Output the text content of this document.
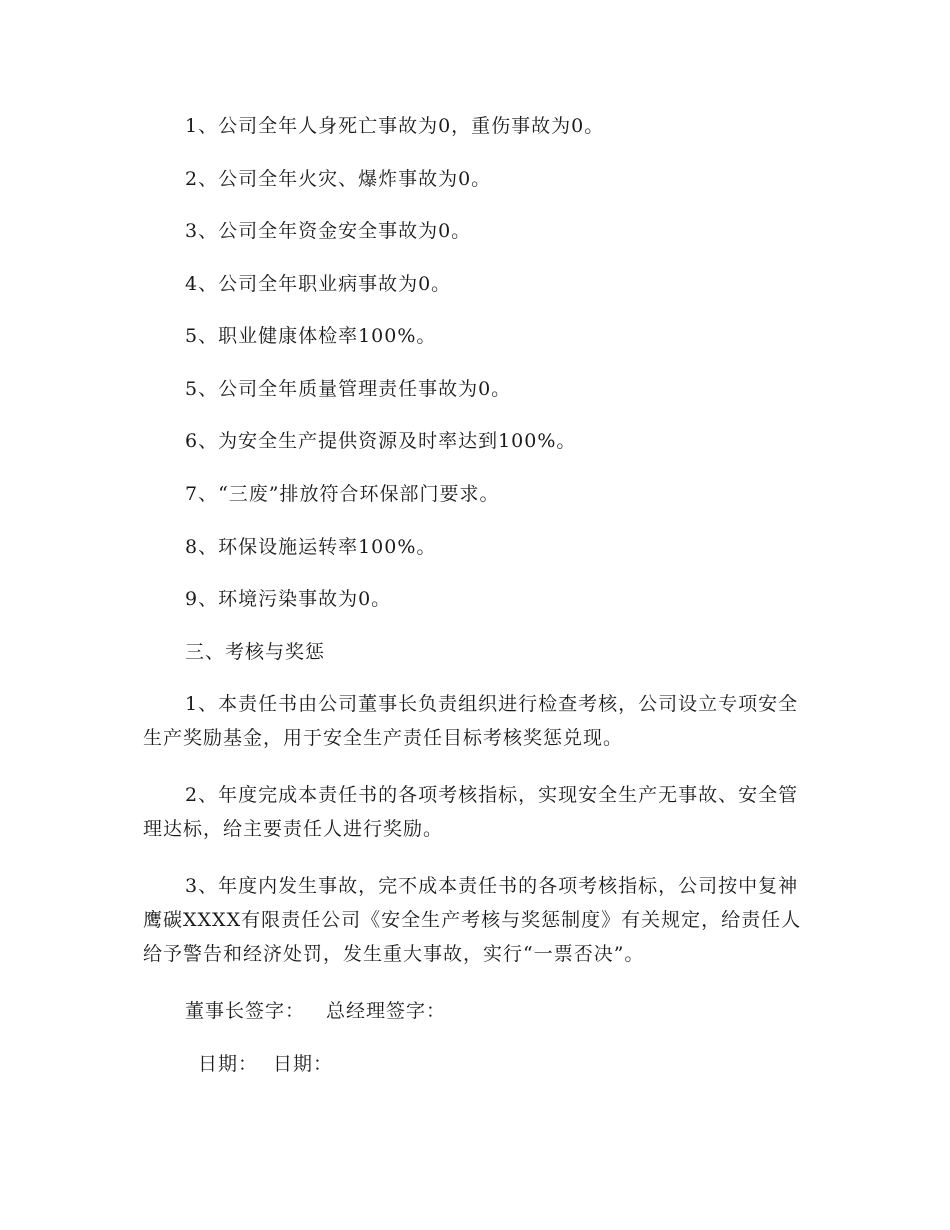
1、公司全年人身死亡事故为0，重伤事故为0。
2、公司全年火灾、爆炸事故为0。
3、公司全年资金安全事故为0。
4、公司全年职业病事故为0。
5、职业健康体检率100%。
5、公司全年质量管理责任事故为0。
6、为安全生产提供资源及时率达到100%。
7、“三废”排放符合环保部门要求。
8、环保设施运转率100%。
9、环境污染事故为0。
三、考核与奖惩
1、本责任书由公司董事长负责组织进行检查考核，公司设立专项安全生产奖励基金，用于安全生产责任目标考核奖惩兑现。
2、年度完成本责任书的各项考核指标，实现安全生产无事故、安全管理达标，给主要责任人进行奖励。
3、年度内发生事故，完不成本责任书的各项考核指标，公司按中复神鹰碳XXXX有限责任公司《安全生产考核与奖惩制度》有关规定，给责任人给予警告和经济处罚，发生重大事故，实行“一票否决”。
董事长签字： 总经理签字：
日期： 日期：
